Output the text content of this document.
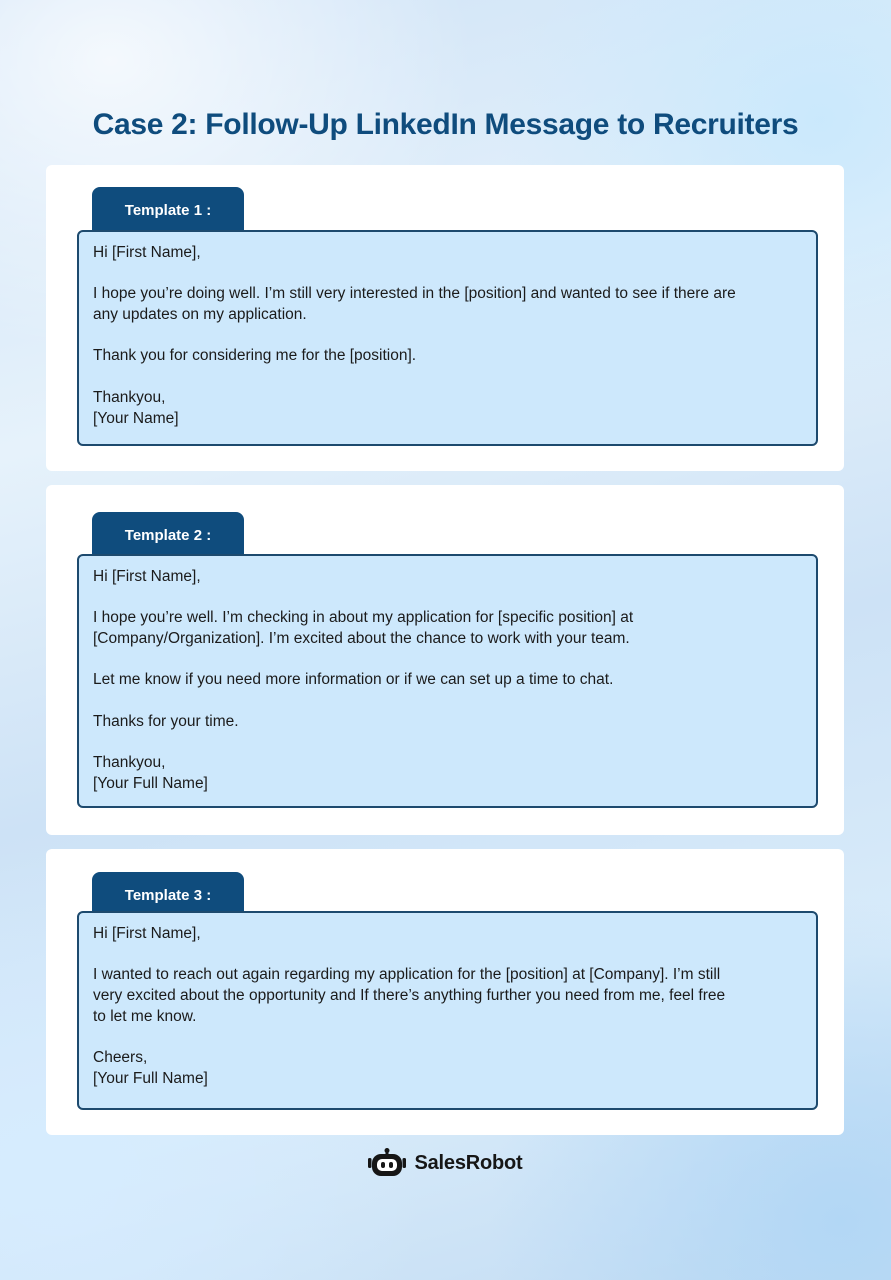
Case 2: Follow-Up LinkedIn Message to Recruiters
Template 1 :

Hi [First Name],

I hope you’re doing well. I’m still very interested in the [position] and wanted to see if there are

any updates on my application.

Thank you for considering me for the [position].

Thankyou,

[Your Name]

Template 2 :

Hi [First Name],

I hope you’re well. I’m checking in about my application for [specific position] at

[Company/Organization]. I’m excited about the chance to work with your team.

Let me know if you need more information or if we can set up a time to chat.

Thanks for your time.

Thankyou,

[Your Full Name]

Template 3 :

Hi [First Name],

I wanted to reach out again regarding my application for the [position] at [Company]. I’m still

very excited about the opportunity and If there’s anything further you need from me, feel free

to let me know.

Cheers,

[Your Full Name]

SalesRobot
